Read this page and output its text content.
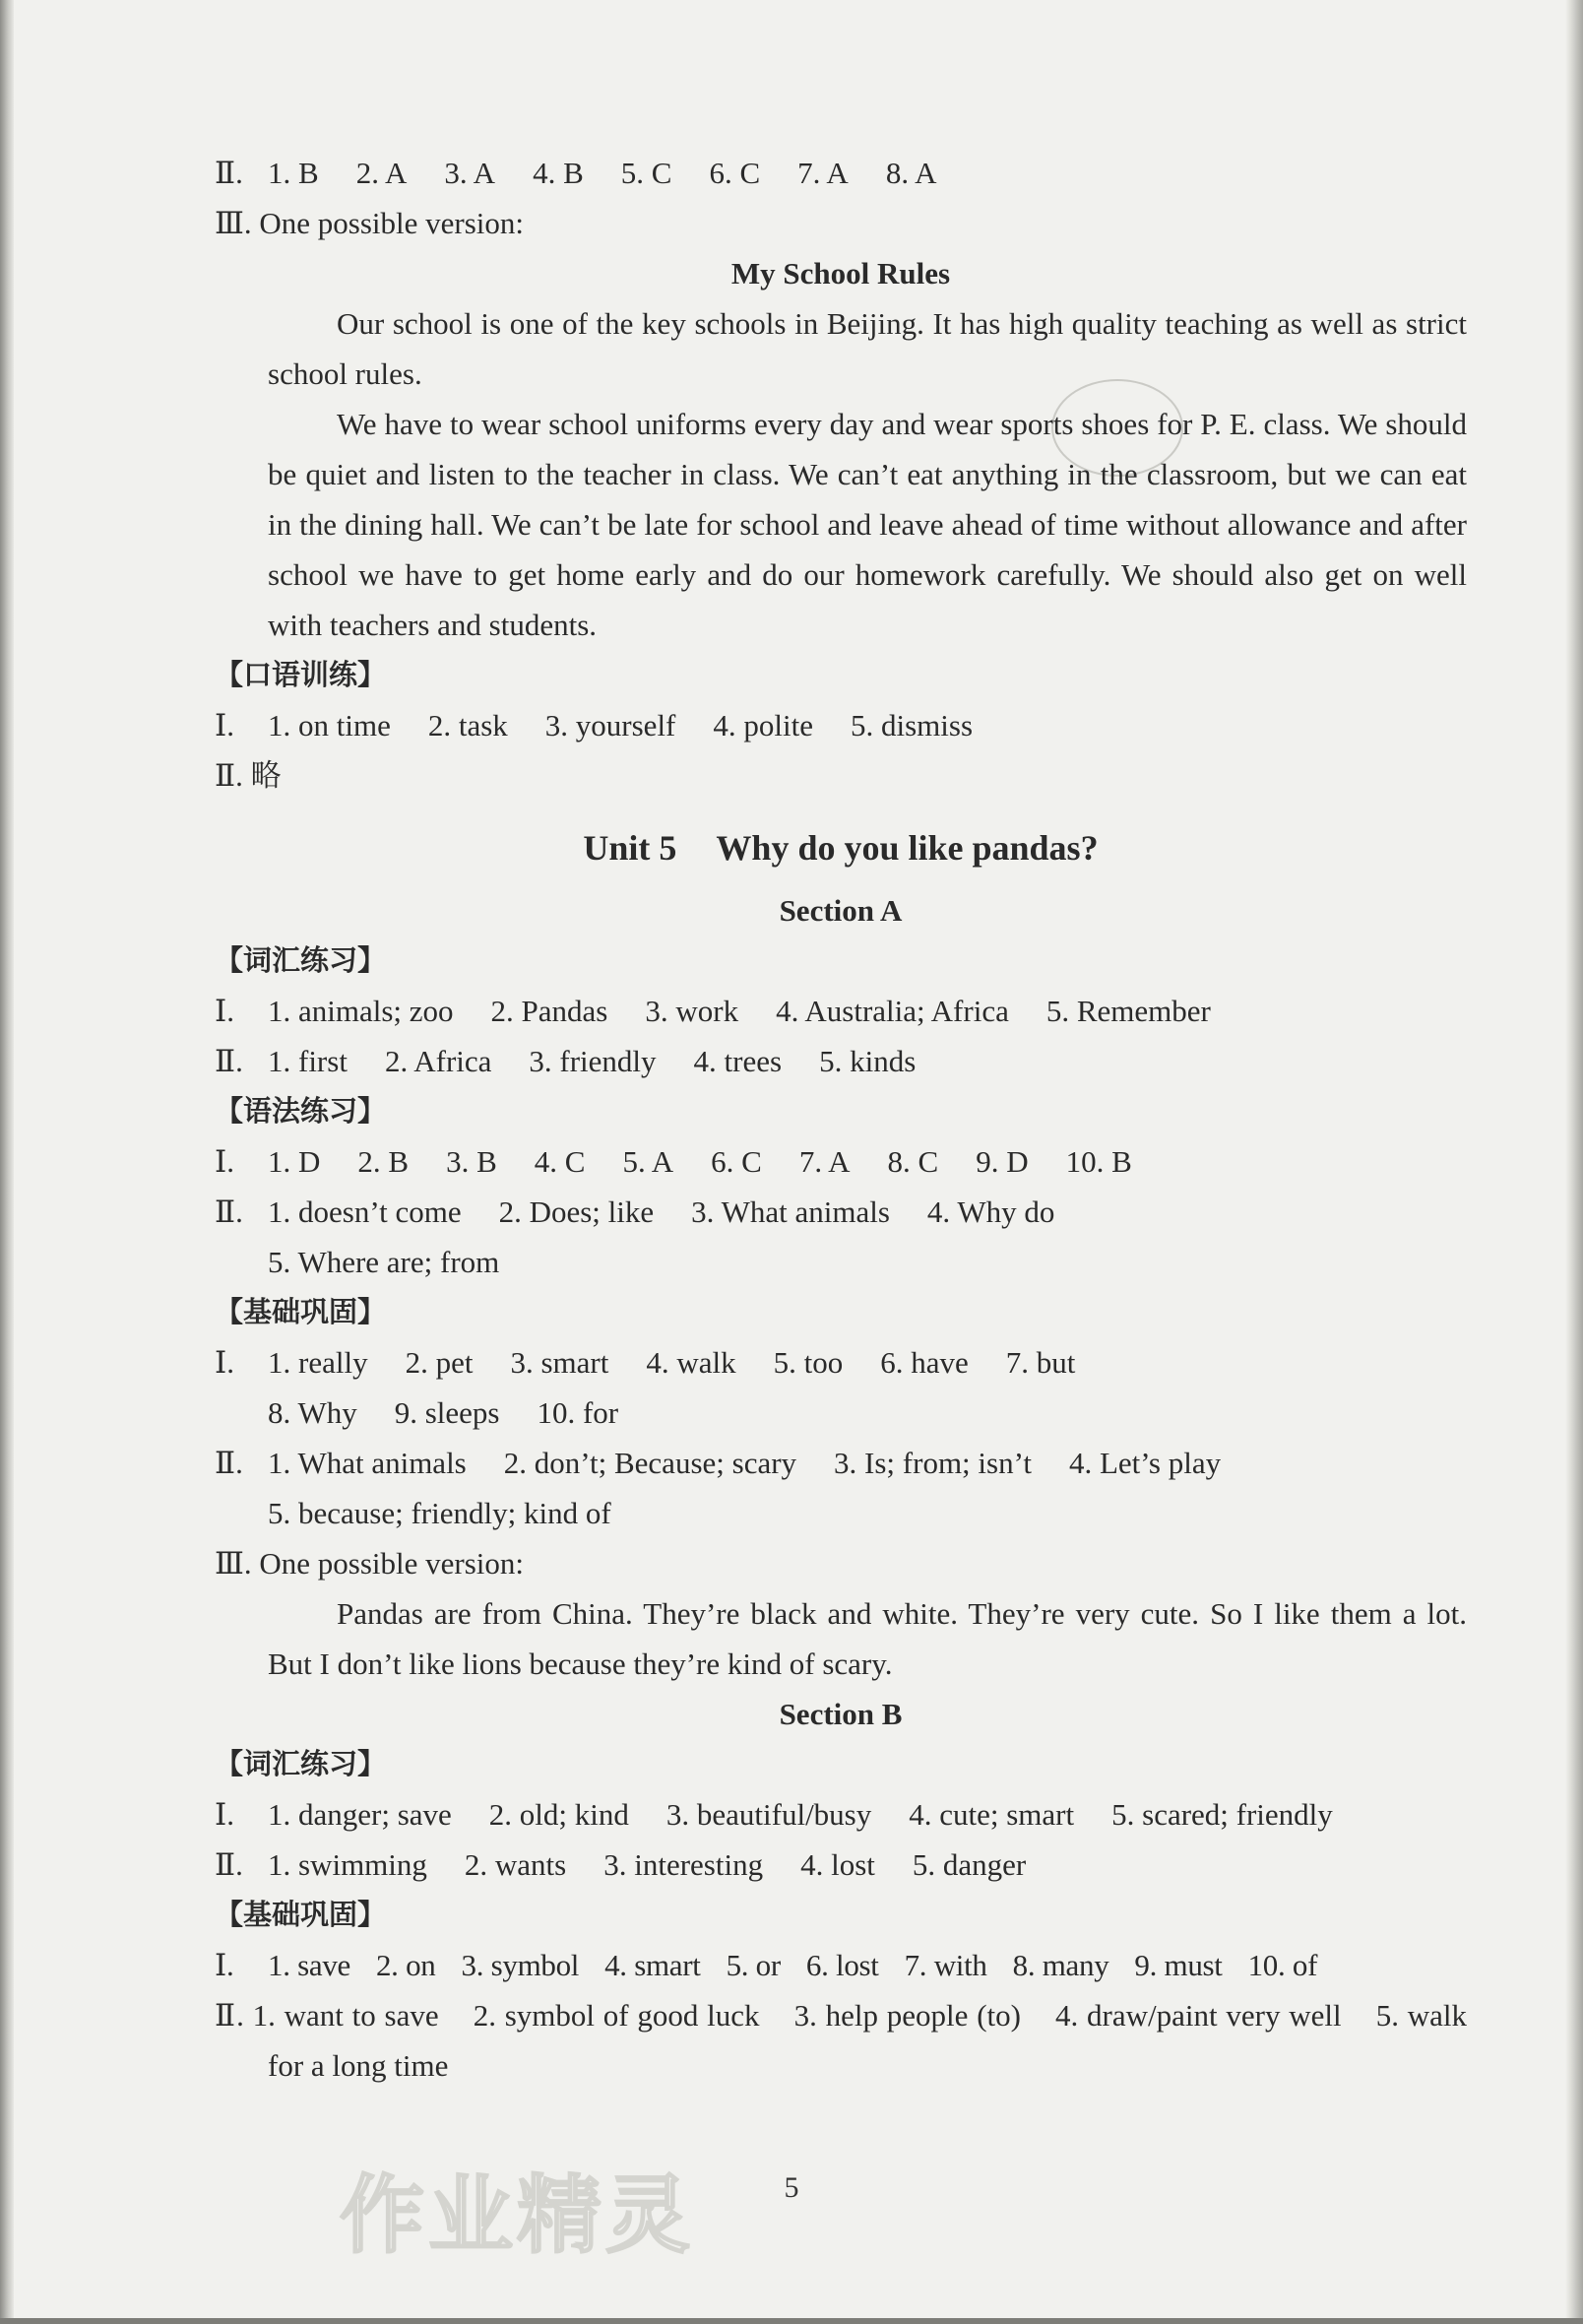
Ⅱ. 1. B 2. A 3. A 4. B 5. C 6. C 7. A 8. A
Ⅲ. One possible version:
My School Rules
Our school is one of the key schools in Beijing. It has high quality teaching as well as strict school rules.
We have to wear school uniforms every day and wear sports shoes for P. E. class. We should be quiet and listen to the teacher in class. We can’t eat anything in the classroom, but we can eat in the dining hall. We can’t be late for school and leave ahead of time without allowance and after school we have to get home early and do our homework carefully. We should also get on well with teachers and students.
【口语训练】
Ⅰ. 1. on time 2. task 3. yourself 4. polite 5. dismiss
Ⅱ. 略
Unit 5 Why do you like pandas?
Section A
【词汇练习】
Ⅰ. 1. animals; zoo 2. Pandas 3. work 4. Australia; Africa 5. Remember
Ⅱ. 1. first 2. Africa 3. friendly 4. trees 5. kinds
【语法练习】
Ⅰ. 1. D 2. B 3. B 4. C 5. A 6. C 7. A 8. C 9. D 10. B
Ⅱ. 1. doesn’t come 2. Does; like 3. What animals 4. Why do
5. Where are; from
【基础巩固】
Ⅰ. 1. really 2. pet 3. smart 4. walk 5. too 6. have 7. but
8. Why 9. sleeps 10. for
Ⅱ. 1. What animals 2. don’t; Because; scary 3. Is; from; isn’t 4. Let’s play
5. because; friendly; kind of
Ⅲ. One possible version:
Pandas are from China. They’re black and white. They’re very cute. So I like them a lot. But I don’t like lions because they’re kind of scary.
Section B
【词汇练习】
Ⅰ. 1. danger; save 2. old; kind 3. beautiful/busy 4. cute; smart 5. scared; friendly
Ⅱ. 1. swimming 2. wants 3. interesting 4. lost 5. danger
【基础巩固】
Ⅰ. 1. save 2. on 3. symbol 4. smart 5. or 6. lost 7. with 8. many 9. must 10. of
Ⅱ. 1. want to save    2. symbol of good luck    3. help people (to)    4. draw/paint very well    5. walk for a long time
作业精灵	5
